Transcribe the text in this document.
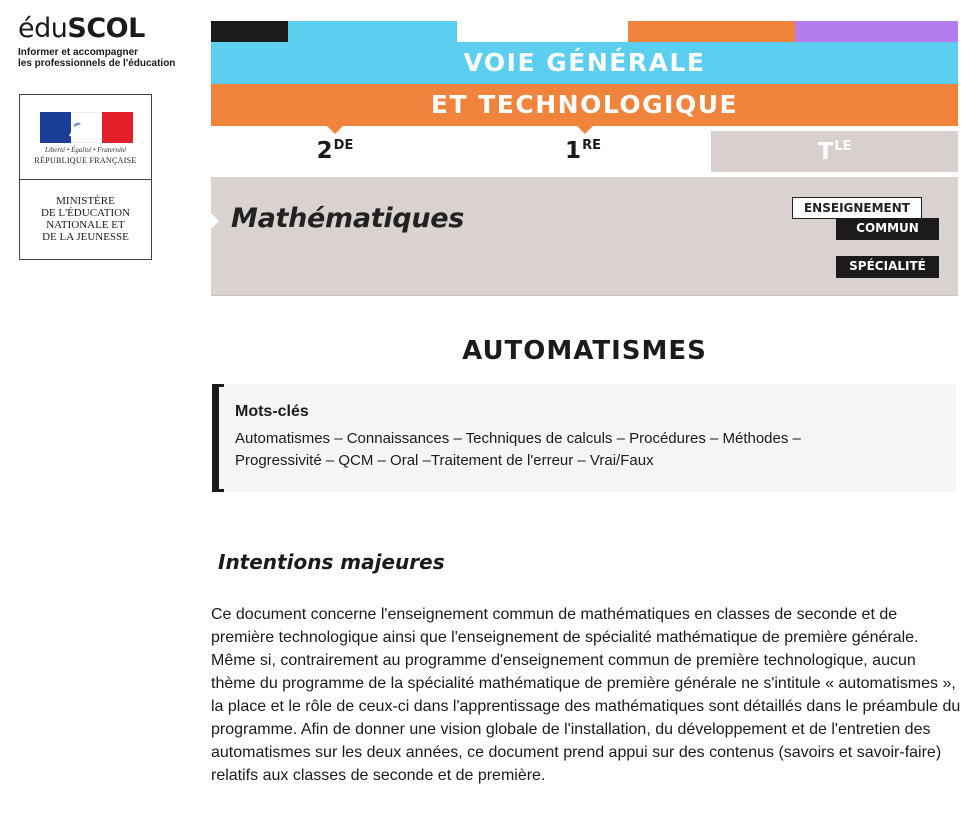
éduSCOL
Informer et accompagner
les professionnels de l'éducation
Liberté • Égalité • Fraternité
RÉPUBLIQUE FRANÇAISE
MINISTÈRE
DE L'ÉDUCATION
NATIONALE ET
DE LA JEUNESSE
VOIE GÉNÉRALE
ET TECHNOLOGIQUE
2DE	1RE	$T^{LE}$
Mathématiques	ENSEIGNEMENT
COMMUN
SPÉCIALITÉ
AUTOMATISMES
Mots-clés
Automatismes – Connaissances – Techniques de calculs – Procédures – Méthodes – Progressivité – QCM – Oral –Traitement de l'erreur – Vrai/Faux
Intentions majeures
Ce document concerne l'enseignement commun de mathématiques en classes de seconde et de première technologique ainsi que l'enseignement de spécialité mathématique de première générale. Même si, contrairement au programme d'enseignement commun de première technologique, aucun thème du programme de la spécialité mathématique de première générale ne s'intitule « automatismes », la place et le rôle de ceux-ci dans l'apprentissage des mathématiques sont détaillés dans le préambule du programme. Afin de donner une vision globale de l'installation, du développement et de l'entretien des automatismes sur les deux années, ce document prend appui sur des contenus (savoirs et savoir-faire) relatifs aux classes de seconde et de première.
